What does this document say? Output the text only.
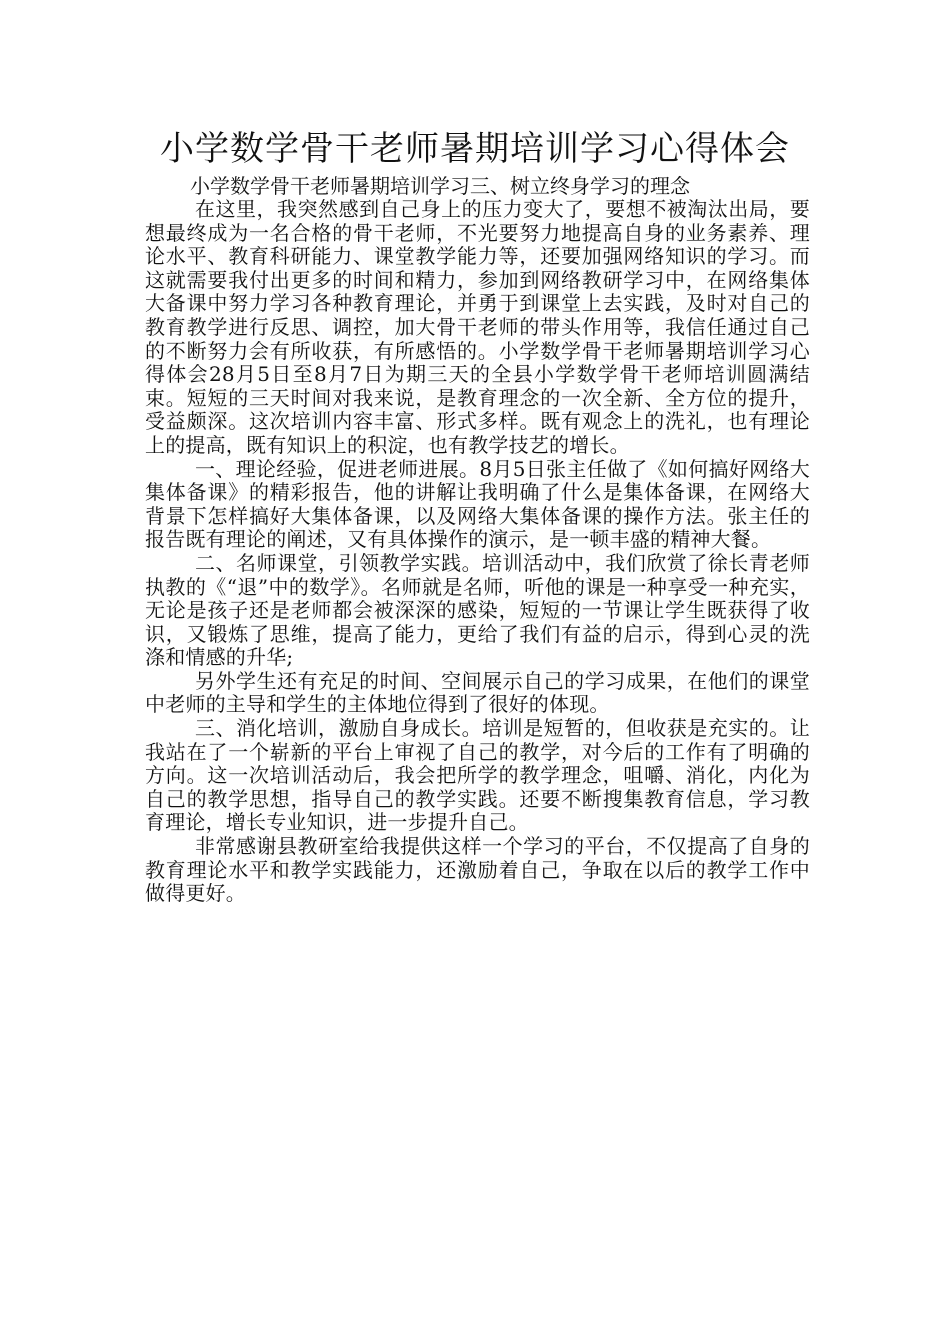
小学数学骨干老师暑期培训学习心得体会

小学数学骨干老师暑期培训学习三、树立终身学习的理念

在这里，我突然感到自己身上的压力变大了，要想不被淘汰出局，要想最终成为一名合格的骨干老师，不光要努力地提高自身的业务素养、理论水平、教育科研能力、课堂教学能力等，还要加强网络知识的学习。而这就需要我付出更多的时间和精力，参加到网络教研学习中，在网络集体大备课中努力学习各种教育理论，并勇于到课堂上去实践，及时对自己的教育教学进行反思、调控，加大骨干老师的带头作用等，我信任通过自己的不断努力会有所收获，有所感悟的。小学数学骨干老师暑期培训学习心得体会28月5日至8月7日为期三天的全县小学数学骨干老师培训圆满结束。短短的三天时间对我来说，是教育理念的一次全新、全方位的提升，受益颇深。这次培训内容丰富、形式多样。既有观念上的洗礼，也有理论上的提高，既有知识上的积淀，也有教学技艺的增长。

一、理论经验，促进老师进展。8月5日张主任做了《如何搞好网络大集体备课》的精彩报告，他的讲解让我明确了什么是集体备课，在网络大背景下怎样搞好大集体备课，以及网络大集体备课的操作方法。张主任的报告既有理论的阐述，又有具体操作的演示，是一顿丰盛的精神大餐。

二、名师课堂，引领教学实践。培训活动中，我们欣赏了徐长青老师执教的《“退”中的数学》。名师就是名师，听他的课是一种享受一种充实，无论是孩子还是老师都会被深深的感染，短短的一节课让学生既获得了收识，又锻炼了思维，提高了能力，更给了我们有益的启示，得到心灵的洗涤和情感的升华;

另外学生还有充足的时间、空间展示自己的学习成果，在他们的课堂中老师的主导和学生的主体地位得到了很好的体现。

三、消化培训，激励自身成长。培训是短暂的，但收获是充实的。让我站在了一个崭新的平台上审视了自己的教学，对今后的工作有了明确的方向。这一次培训活动后，我会把所学的教学理念，咀嚼、消化，内化为自己的教学思想，指导自己的教学实践。还要不断搜集教育信息，学习教育理论，增长专业知识，进一步提升自己。

非常感谢县教研室给我提供这样一个学习的平台，不仅提高了自身的教育理论水平和教学实践能力，还激励着自己，争取在以后的教学工作中做得更好。
